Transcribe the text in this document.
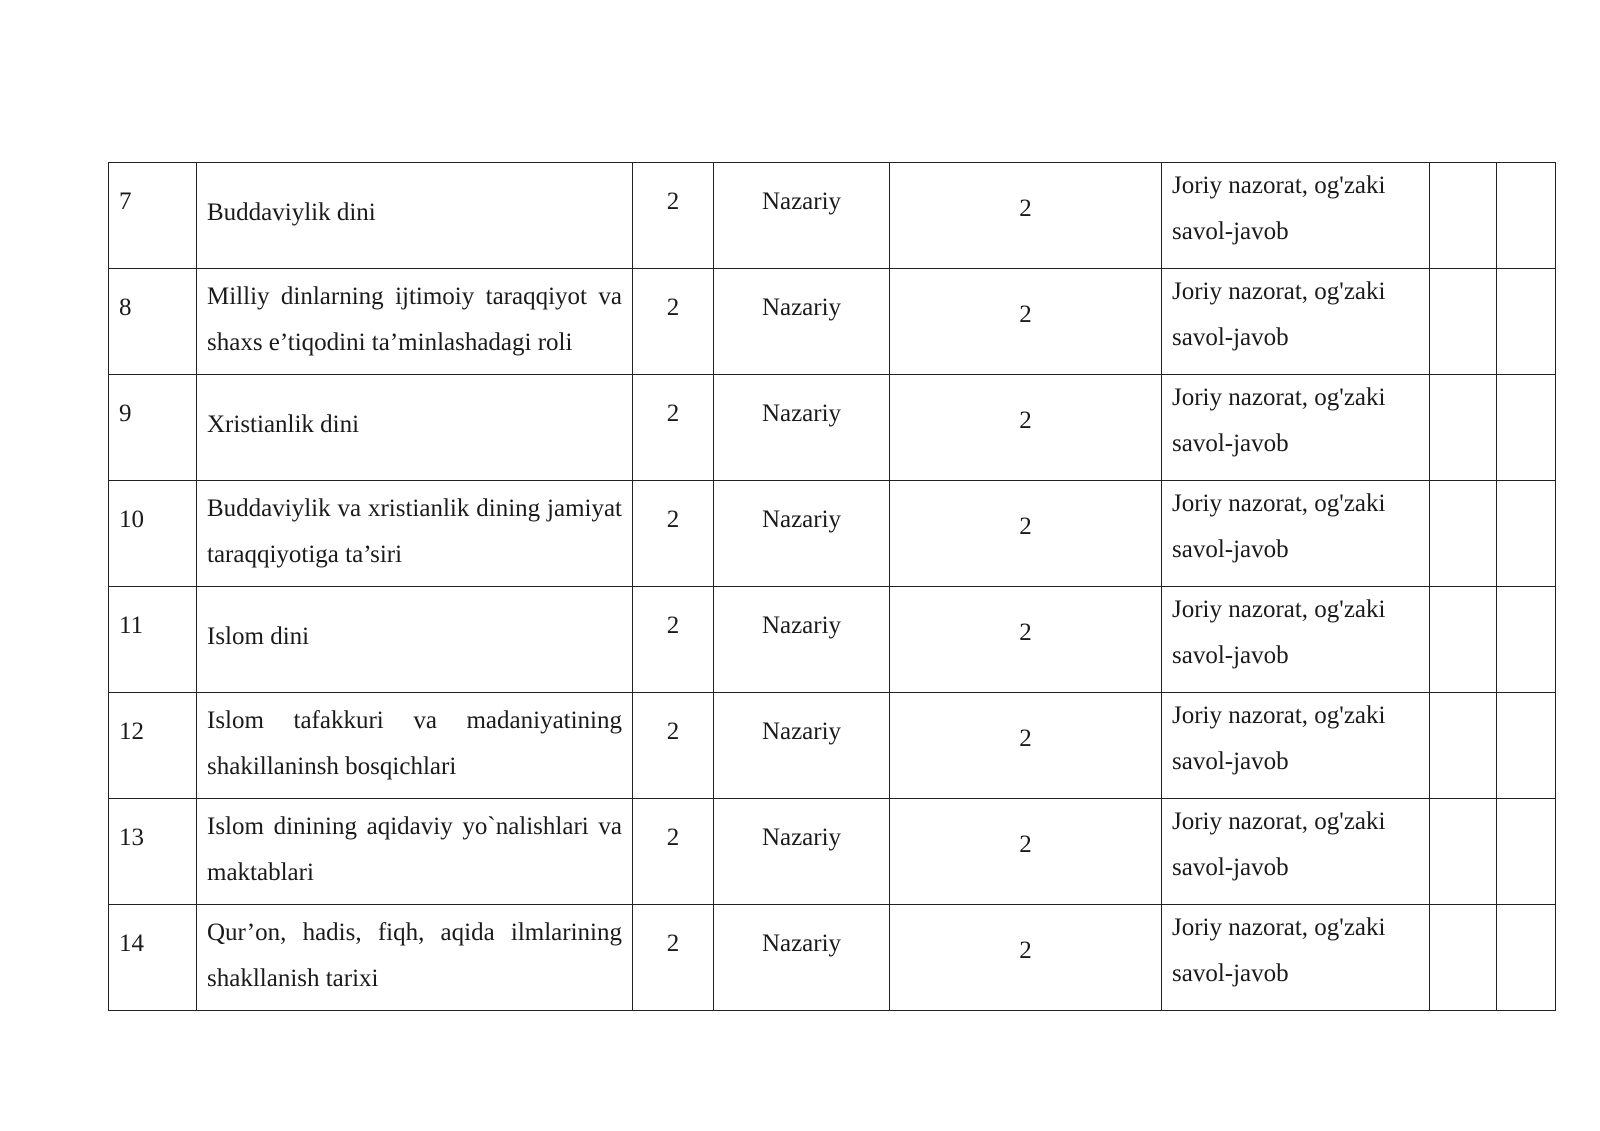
7	Buddaviylik dini	2	Nazariy	2	Joriy nazorat, og'zaki savol-javob		

8	Milliy dinlarning ijtimoiy taraqqiyot va shaxs e’tiqodini ta’minlashadagi roli	2	Nazariy	2	Joriy nazorat, og'zaki savol-javob		

9	Xristianlik dini	2	Nazariy	2	Joriy nazorat, og'zaki savol-javob		

10	Buddaviylik va xristianlik dining jamiyat taraqqiyotiga ta’siri	2	Nazariy	2	Joriy nazorat, og'zaki savol-javob		

11	Islom dini	2	Nazariy	2	Joriy nazorat, og'zaki savol-javob		

12	Islom tafakkuri va madaniyatining shakillaninsh bosqichlari	2	Nazariy	2	Joriy nazorat, og'zaki savol-javob		

13	Islom dinining aqidaviy yo`nalishlari va maktablari	2	Nazariy	2	Joriy nazorat, og'zaki savol-javob		

14	Qur’on, hadis, fiqh, aqida ilmlarining shakllanish tarixi	2	Nazariy	2	Joriy nazorat, og'zaki savol-javob		
